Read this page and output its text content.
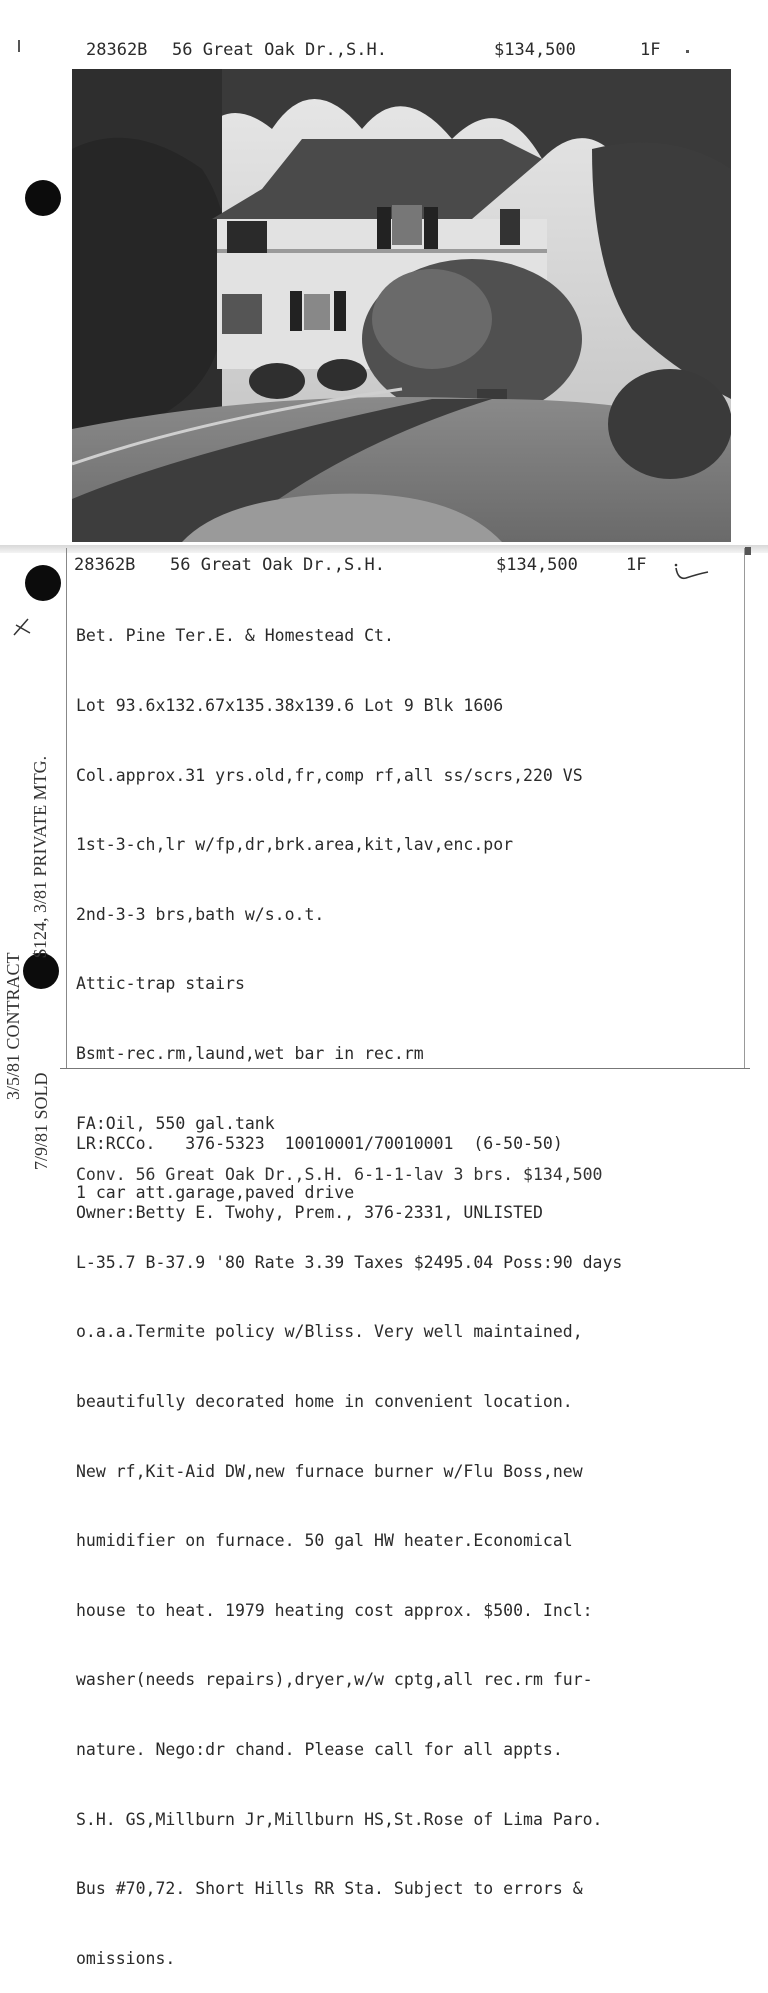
28362B

56 Great Oak Dr.,S.H.

	$134,500

	1F

28362B

56 Great Oak Dr.,S.H.

	$134,500

	1F

Bet. Pine Ter.E. & Homestead Ct.

Lot 93.6x132.67x135.38x139.6 Lot 9 Blk 1606

Col.approx.31 yrs.old,fr,comp rf,all ss/scrs,220 VS

1st-3-ch,lr w/fp,dr,brk.area,kit,lav,enc.por

2nd-3-3 brs,bath w/s.o.t.

Attic-trap stairs

Bsmt-rec.rm,laund,wet bar in rec.rm

FA:Oil, 550 gal.tank

1 car att.garage,paved drive

L-35.7 B-37.9 '80 Rate 3.39 Taxes $2495.04 Poss:90 days

o.a.a.Termite policy w/Bliss. Very well maintained,

beautifully decorated home in convenient location.

New rf,Kit-Aid DW,new furnace burner w/Flu Boss,new

humidifier on furnace. 50 gal HW heater.Economical

house to heat. 1979 heating cost approx. $500. Incl:

washer(needs repairs),dryer,w/w cptg,all rec.rm fur-

nature. Nego:dr chand. Please call for all appts.

S.H. GS,Millburn Jr,Millburn HS,St.Rose of Lima Paro.

Bus #70,72. Short Hills RR Sta. Subject to errors &

omissions.

LR:RCCo.   376-5323  10010001/70010001  (6-50-50)

Owner:Betty E. Twohy, Prem., 376-2331, UNLISTED

Conv. 56 Great Oak Dr.,S.H. 6-1-1-lav 3 brs. $134,500
$124, 3/81 PRIVATE MTG.
3/5/81 CONTRACT
7/9/81 SOLD
